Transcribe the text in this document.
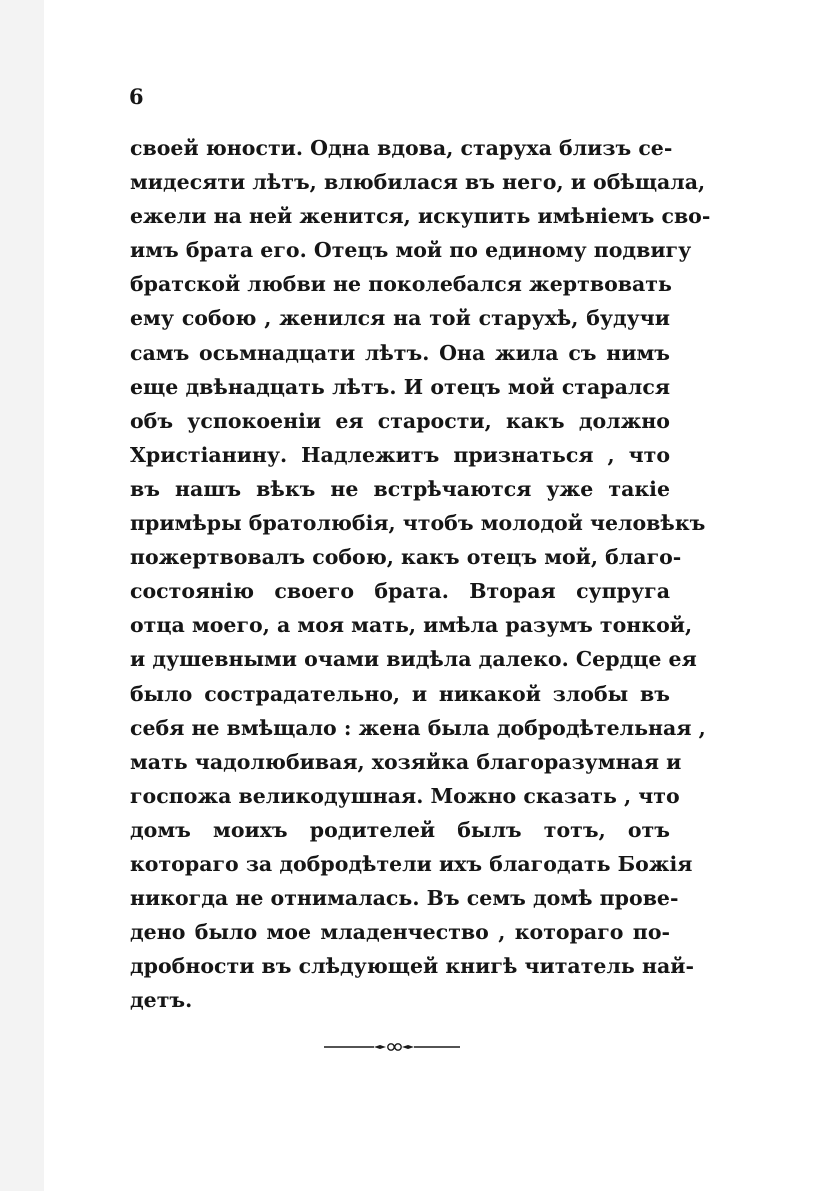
6
своей юности. Одна вдова, старуха близъ се-
мидесяти лѣтъ, влюбилася въ него, и обѣщала,
ежели на ней женится, искупить имѣніемъ сво-
имъ брата его. Отецъ мой по единому подвигу
братской любви не поколебался жертвовать
ему собою , женился на той старухѣ, будучи
самъ осьмнадцати лѣтъ. Она жила съ нимъ
еще двѣнадцать лѣтъ. И отецъ мой старался
объ успокоеніи ея старости, какъ должно
Христіанину. Надлежитъ признаться , что
въ нашъ вѣкъ не встрѣчаются уже такіе
примѣры братолюбія, чтобъ молодой человѣкъ
пожертвовалъ собою, какъ отецъ мой, благо-
состоянію своего брата. Вторая супруга
отца моего, а моя мать, имѣла разумъ тонкой,
и душевными очами видѣла далеко. Сердце ея
было сострадательно, и никакой злобы въ
себя не вмѣщало : жена была добродѣтельная ,
мать чадолюбивая, хозяйка благоразумная и
госпожа великодушная. Можно сказать , что
домъ моихъ родителей былъ тотъ, отъ
котораго за добродѣтели ихъ благодать Божія
никогда не отнималась. Въ семъ домѣ прове-
дено было мое младенчество , котораго по-
дробности въ слѣдующей книгѣ читатель най-
детъ.
